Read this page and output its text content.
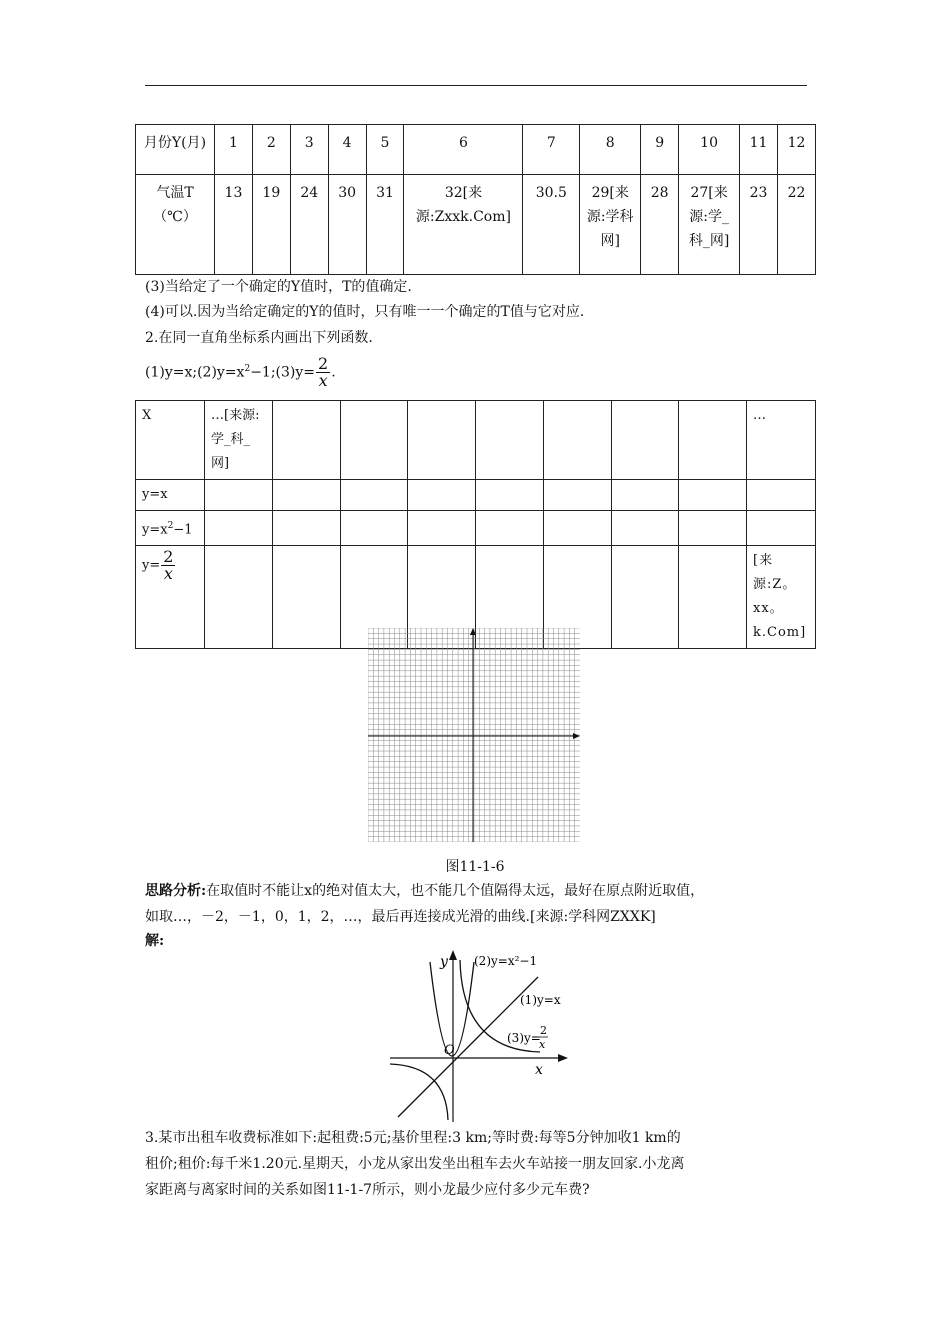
月份Y(月)	1	2	3	4	5	6	7	8	9	10	11	12
气温T（℃）	13	19	24	30	31	32[来源:Zxxk.Com]	30.5	29[来源:学科网]	28	27[来源:学_科_网]	23	22
(3)当给定了一个确定的Y值时，T的值确定.
(4)可以.因为当给定确定的Y的值时，只有唯一一个确定的T值与它对应.
2.在同一直角坐标系内画出下列函数.
$(1)y=x;(2)y=x^2-1;(3)y= \frac{2}{x}$ .
X	…[来源:学_科_网]								…
y=x									
$y=x^2-1$									
$y= \frac{2}{x}$									[来源:Z。xx。k.Com]
图11-1-6
思路分析:在取值时不能让x的绝对值太大，也不能几个值隔得太远，最好在原点附近取值，
如取…，－2，－1，0，1，2，…，最后再连接成光滑的曲线.[来源:学科网ZXXK]
解:
y
x
O
(2)y=x²−1
(1)y=x
(3)y=
2
x
3.某市出租车收费标准如下:起租费:5元;基价里程:3 km;等时费:每等5分钟加收1 km的
租价;租价:每千米1.20元.星期天，小龙从家出发坐出租车去火车站接一朋友回家.小龙离
家距离与离家时间的关系如图11-1-7所示，则小龙最少应付多少元车费?
